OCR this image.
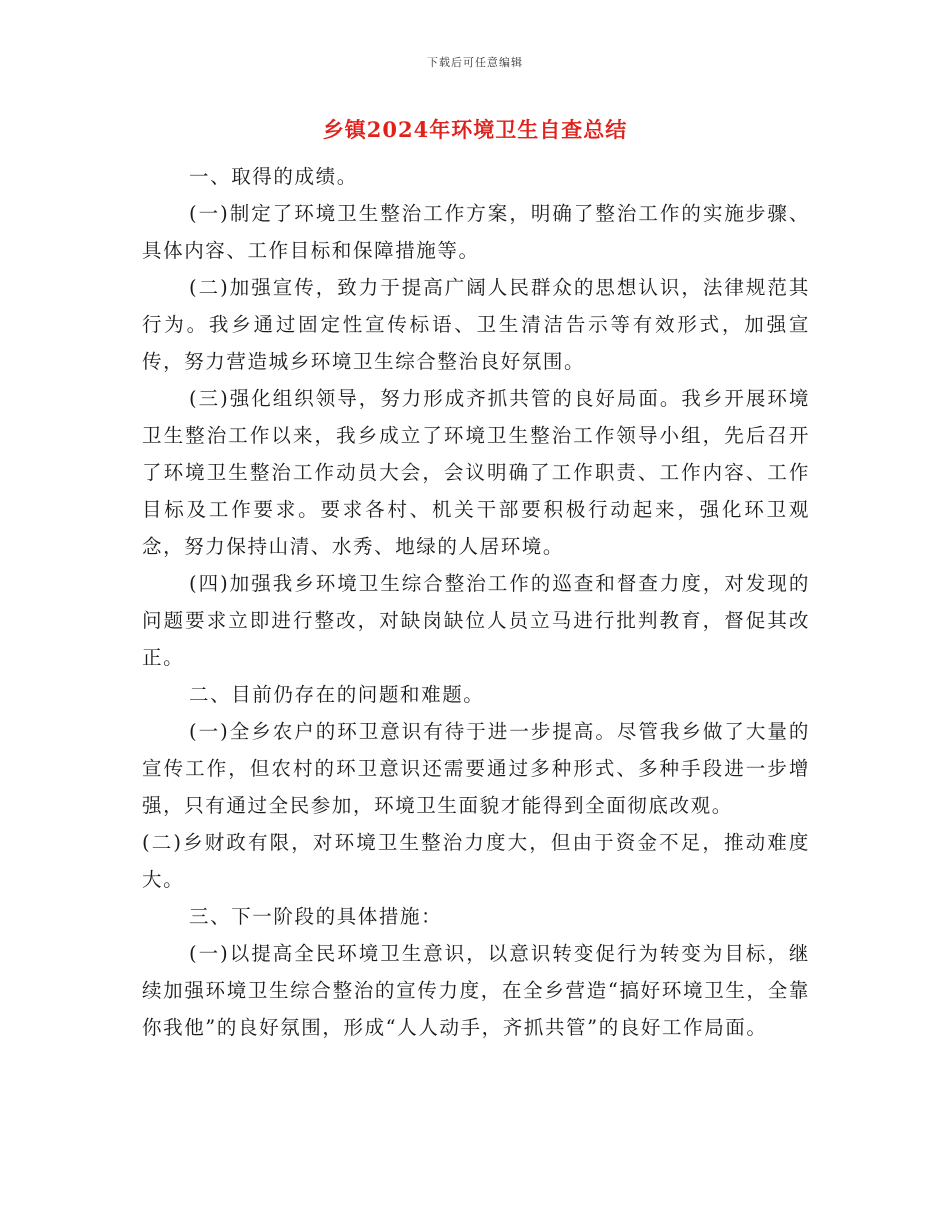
下载后可任意编辑
乡镇2024年环境卫生自查总结

一、取得的成绩。

(一)制定了环境卫生整治工作方案，明确了整治工作的实施步骤、具体内容、工作目标和保障措施等。

(二)加强宣传，致力于提高广阔人民群众的思想认识，法律规范其行为。我乡通过固定性宣传标语、卫生清洁告示等有效形式，加强宣传，努力营造城乡环境卫生综合整治良好氛围。

(三)强化组织领导，努力形成齐抓共管的良好局面。我乡开展环境卫生整治工作以来，我乡成立了环境卫生整治工作领导小组，先后召开了环境卫生整治工作动员大会，会议明确了工作职责、工作内容、工作目标及工作要求。要求各村、机关干部要积极行动起来，强化环卫观念，努力保持山清、水秀、地绿的人居环境。

(四)加强我乡环境卫生综合整治工作的巡查和督查力度，对发现的问题要求立即进行整改，对缺岗缺位人员立马进行批判教育，督促其改正。

二、目前仍存在的问题和难题。

(一)全乡农户的环卫意识有待于进一步提高。尽管我乡做了大量的宣传工作，但农村的环卫意识还需要通过多种形式、多种手段进一步增强，只有通过全民参加，环境卫生面貌才能得到全面彻底改观。

(二)乡财政有限，对环境卫生整治力度大，但由于资金不足，推动难度大。

三、下一阶段的具体措施：

(一)以提高全民环境卫生意识，以意识转变促行为转变为目标，继续加强环境卫生综合整治的宣传力度，在全乡营造“搞好环境卫生，全靠你我他”的良好氛围，形成“人人动手，齐抓共管”的良好工作局面。
